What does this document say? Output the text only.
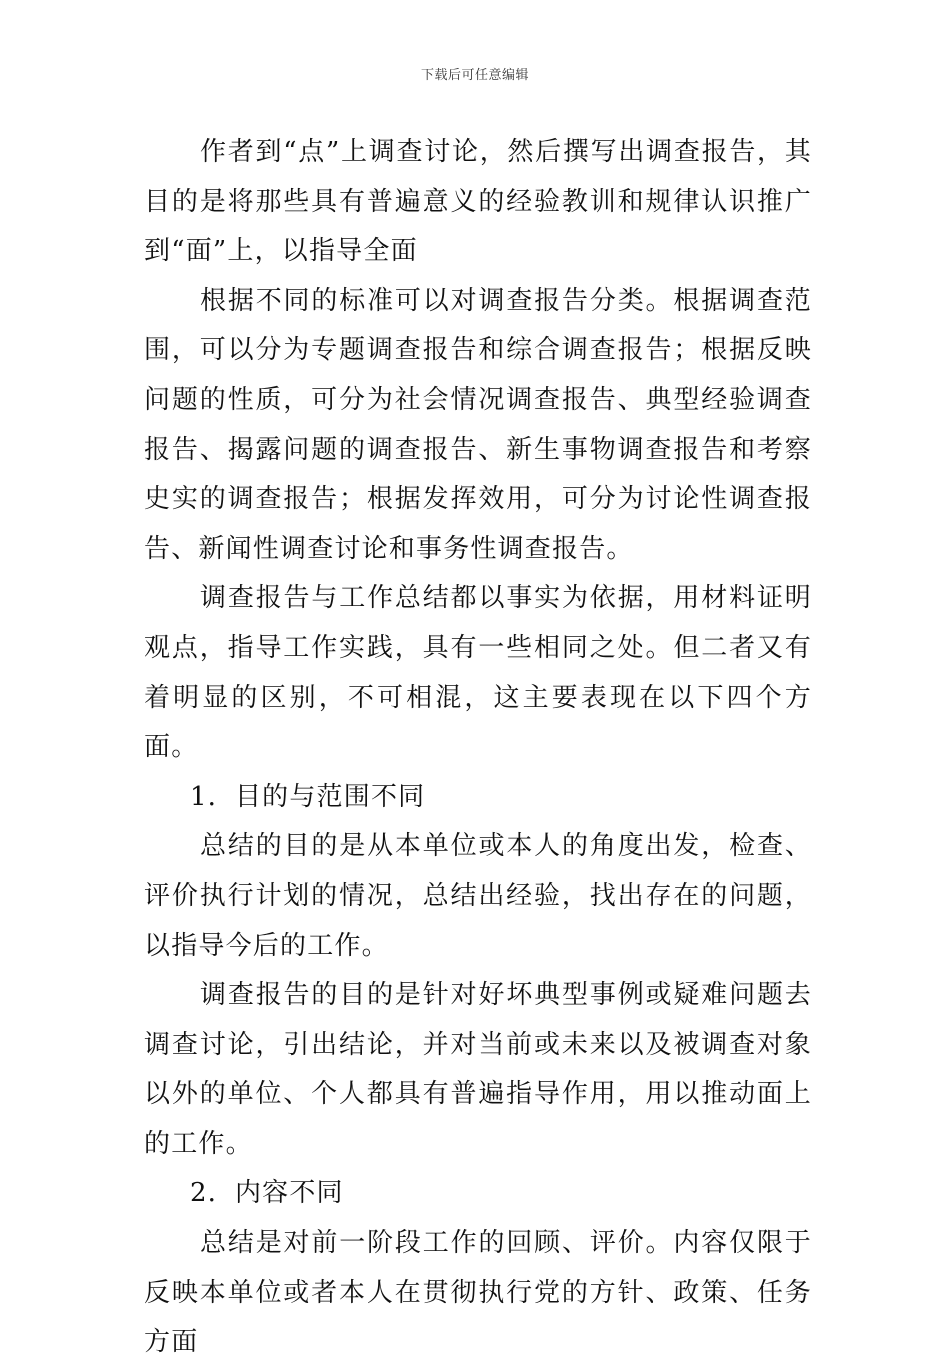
下载后可任意编辑

作者到“点”上调查讨论，然后撰写出调查报告，其目的是将那些具有普遍意义的经验教训和规律认识推广到“面”上，以指导全面

根据不同的标准可以对调查报告分类。根据调查范围，可以分为专题调查报告和综合调查报告；根据反映问题的性质，可分为社会情况调查报告、典型经验调查报告、揭露问题的调查报告、新生事物调查报告和考察史实的调查报告；根据发挥效用，可分为讨论性调查报告、新闻性调查讨论和事务性调查报告。

调查报告与工作总结都以事实为依据，用材料证明观点，指导工作实践，具有一些相同之处。但二者又有着明显的区别，不可相混，这主要表现在以下四个方面。

1．目的与范围不同

总结的目的是从本单位或本人的角度出发，检查、评价执行计划的情况，总结出经验，找出存在的问题，以指导今后的工作。

调查报告的目的是针对好坏典型事例或疑难问题去调查讨论，引出结论，并对当前或未来以及被调查对象以外的单位、个人都具有普遍指导作用，用以推动面上的工作。

2．内容不同

总结是对前一阶段工作的回顾、评价。内容仅限于反映本单位或者本人在贯彻执行党的方针、政策、任务方面
